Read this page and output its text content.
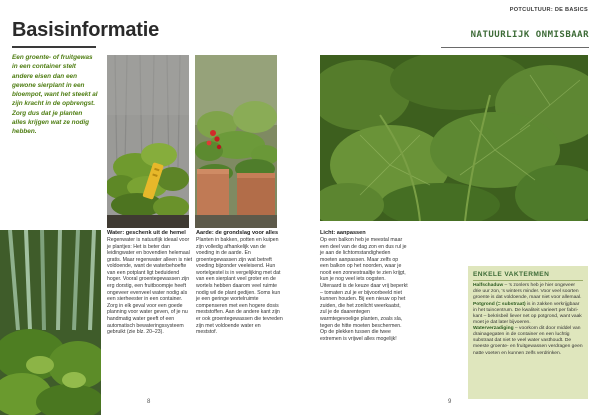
Basisinformatie
POTCULTUUR: DE BASICS
NATUURLIJK ONMISBAAR

Een groente- of fruitgewas in een container stelt andere eisen dan een gewone sierplant in een bloempot, want het steekt al zijn kracht in de opbrengst. Zorg dus dat je planten alles krijgen wat ze nodig hebben.

Water: geschenk uit de hemel

Regenwater is natuurlijk ideaal voor je plantjes: Het is beter dan leidingwater en bovendien helemaal gratis. Maar regenwater alleen is niet voldoende, want de waterbehoefte van een potplant ligt beduidend hoger. Vooral groentegewassen zijn erg dorstig, een fruitboompje heeft ongeveer evenveel water nodig als een sierheester in een container. Zorg in elk geval voor een goede planning voor water geven, of je nu handmatig water geeft of een automatisch bewateringssysteem gebruikt (zie blz. 20–23).

Aarde: de grondslag voor alles

Planten in bakken, potten en kuipen zijn volledig afhankelijk van de voeding in de aarde. En groentegewassen zijn wat betreft voeding bijzonder veeleisend. Hun wortelgestel is in vergelijking met dat van een sierplant veel groter en de wortels hebben daarom veel ruimte nodig wil de plant gedijen. Soms kun je een geringe wortelruimte compenseren met een hogere dosis meststoffen. Aan de andere kant zijn er ook groentegewassen die tevreden zijn met voldoende water en meststof.

Licht: aanpassen

Op een balkon heb je meestal maar een deel van de dag zon en dus rul je je aan de lichtomstandigheden moeten aanpassen. Maar zelfs op een balkon op het noorden, waar je nooit een zonnestraaltje te zien krijgt, kun je nog veel iets oogsten. Uiteraard is de keuze daar vrij beperkt – tomaten zul je er bijvoorbeeld niet kunnen houden. Bij een nieuw op het zuiden, die het zonlicht weerkaatst, zul je de daarentegen warmtegevoelige planten, zoals sla, tegen de hitte moeten beschermen. Op de plekken tussen die twee extremen is vrijwel alles mogelijk!

ENKELE VAKTERMEN

Halfschaduw – 's zonlers heb je hier ongeveer drie uur zon, 's winters minder. Voor veel soorten groente is dat voldoende, maar niet voor allemaal.

Potgrond (= substraat) is in zakken verkrijgbaar in het tuincentrum. De kwaliteit varieert per fabrikant – bekrisbeil liever net op potgrond, want vaak moet je dat later bijvoeren.

Waterverzadiging – voorkom dit door middel van drainagegaten in de container en een luchtig substraat dat niet te veel water vasthoudt. De meeste groente- en fruitgewassen verdragen geen natte voeten en kunnen zelfs verdrinken.

8	9
